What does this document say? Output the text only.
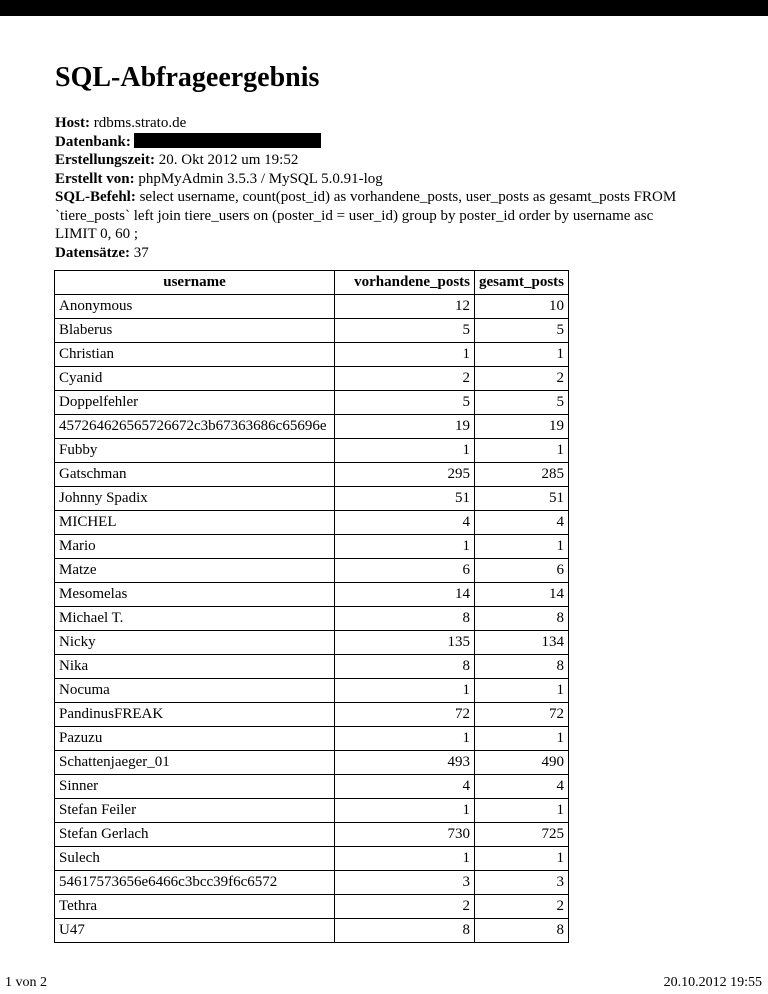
SQL-Abfrageergebnis
Host: rdbms.strato.de
Datenbank:
Erstellungszeit: 20. Okt 2012 um 19:52
Erstellt von: phpMyAdmin 3.5.3 / MySQL 5.0.91-log
SQL-Befehl: select username, count(post_id) as vorhandene_posts, user_posts as gesamt_posts FROM
`tiere_posts` left join tiere_users on (poster_id = user_id) group by poster_id order by username asc
LIMIT 0, 60 ;
Datensätze: 37
username	vorhandene_posts	gesamt_posts
Anonymous	12	10
Blaberus	5	5
Christian	1	1
Cyanid	2	2
Doppelfehler	5	5
457264626565726672c3b67363686c65696e	19	19
Fubby	1	1
Gatschman	295	285
Johnny Spadix	51	51
MICHEL	4	4
Mario	1	1
Matze	6	6
Mesomelas	14	14
Michael T.	8	8
Nicky	135	134
Nika	8	8
Nocuma	1	1
PandinusFREAK	72	72
Pazuzu	1	1
Schattenjaeger_01	493	490
Sinner	4	4
Stefan Feiler	1	1
Stefan Gerlach	730	725
Sulech	1	1
54617573656e6466c3bcc39f6c6572	3	3
Tethra	2	2
U47	8	8
1 von 2	20.10.2012 19:55
